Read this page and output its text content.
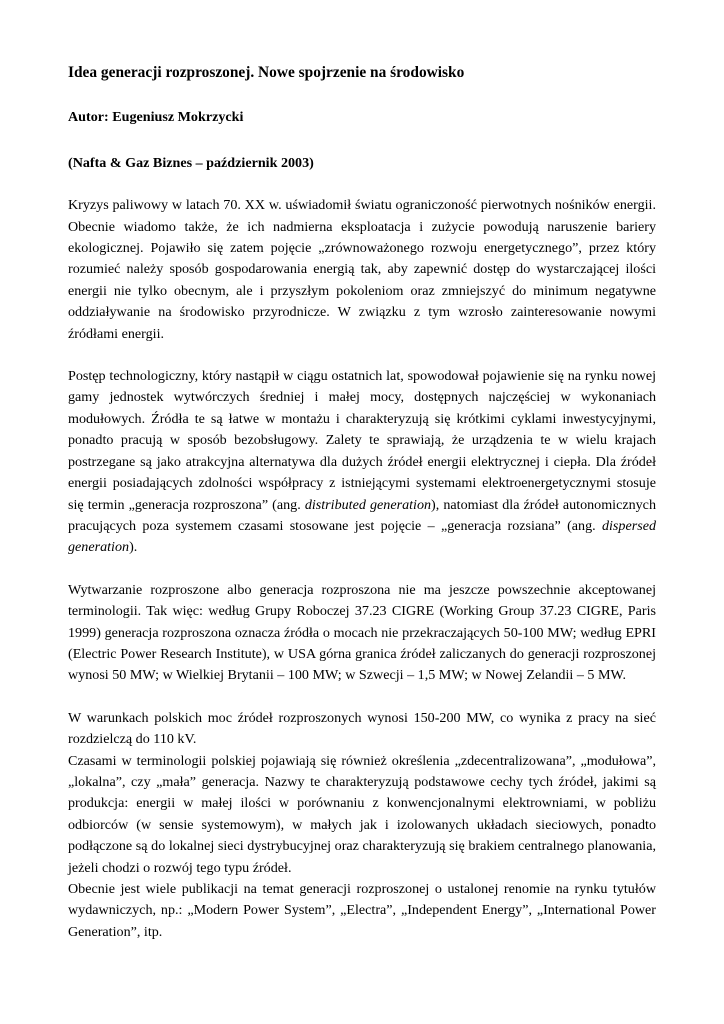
Idea generacji rozproszonej. Nowe spojrzenie na środowisko
Autor: Eugeniusz Mokrzycki
(Nafta & Gaz Biznes – październik 2003)

Kryzys paliwowy w latach 70. XX w. uświadomił światu ograniczoność pierwotnych nośników energii. Obecnie wiadomo także, że ich nadmierna eksploatacja i zużycie powodują naruszenie bariery ekologicznej. Pojawiło się zatem pojęcie „zrównoważonego rozwoju energetycznego”, przez który rozumieć należy sposób gospodarowania energią tak, aby zapewnić dostęp do wystarczającej ilości energii nie tylko obecnym, ale i przyszłym pokoleniom oraz zmniejszyć do minimum negatywne oddziaływanie na środowisko przyrodnicze. W związku z tym wzrosło zainteresowanie nowymi źródłami energii.

Postęp technologiczny, który nastąpił w ciągu ostatnich lat, spowodował pojawienie się na rynku nowej gamy jednostek wytwórczych średniej i małej mocy, dostępnych najczęściej w wykonaniach modułowych. Źródła te są łatwe w montażu i charakteryzują się krótkimi cyklami inwestycyjnymi, ponadto pracują w sposób bezobsługowy. Zalety te sprawiają, że urządzenia te w wielu krajach postrzegane są jako atrakcyjna alternatywa dla dużych źródeł energii elektrycznej i ciepła. Dla źródeł energii posiadających zdolności współpracy z istniejącymi systemami elektroenergetycznymi stosuje się termin „generacja rozproszona” (ang. distributed generation), natomiast dla źródeł autonomicznych pracujących poza systemem czasami stosowane jest pojęcie – „generacja rozsiana” (ang. dispersed generation).

Wytwarzanie rozproszone albo generacja rozproszona nie ma jeszcze powszechnie akceptowanej terminologii. Tak więc: według Grupy Roboczej 37.23 CIGRE (Working Group 37.23 CIGRE, Paris 1999) generacja rozproszona oznacza źródła o mocach nie przekraczających 50-100 MW; według EPRI (Electric Power Research Institute), w USA górna granica źródeł zaliczanych do generacji rozproszonej wynosi 50 MW; w Wielkiej Brytanii – 100 MW; w Szwecji – 1,5 MW; w Nowej Zelandii – 5 MW.

W warunkach polskich moc źródeł rozproszonych wynosi 150-200 MW, co wynika z pracy na sieć rozdzielczą do 110 kV.

Czasami w terminologii polskiej pojawiają się również określenia „zdecentralizowana”, „modułowa”, „lokalna”, czy „mała” generacja. Nazwy te charakteryzują podstawowe cechy tych źródeł, jakimi są produkcja: energii w małej ilości w porównaniu z konwencjonalnymi elektrowniami, w pobliżu odbiorców (w sensie systemowym), w małych jak i izolowanych układach sieciowych, ponadto podłączone są do lokalnej sieci dystrybucyjnej oraz charakteryzują się brakiem centralnego planowania, jeżeli chodzi o rozwój tego typu źródeł.

Obecnie jest wiele publikacji na temat generacji rozproszonej o ustalonej renomie na rynku tytułów wydawniczych, np.: „Modern Power System”, „Electra”, „Independent Energy”, „International Power Generation”, itp.
